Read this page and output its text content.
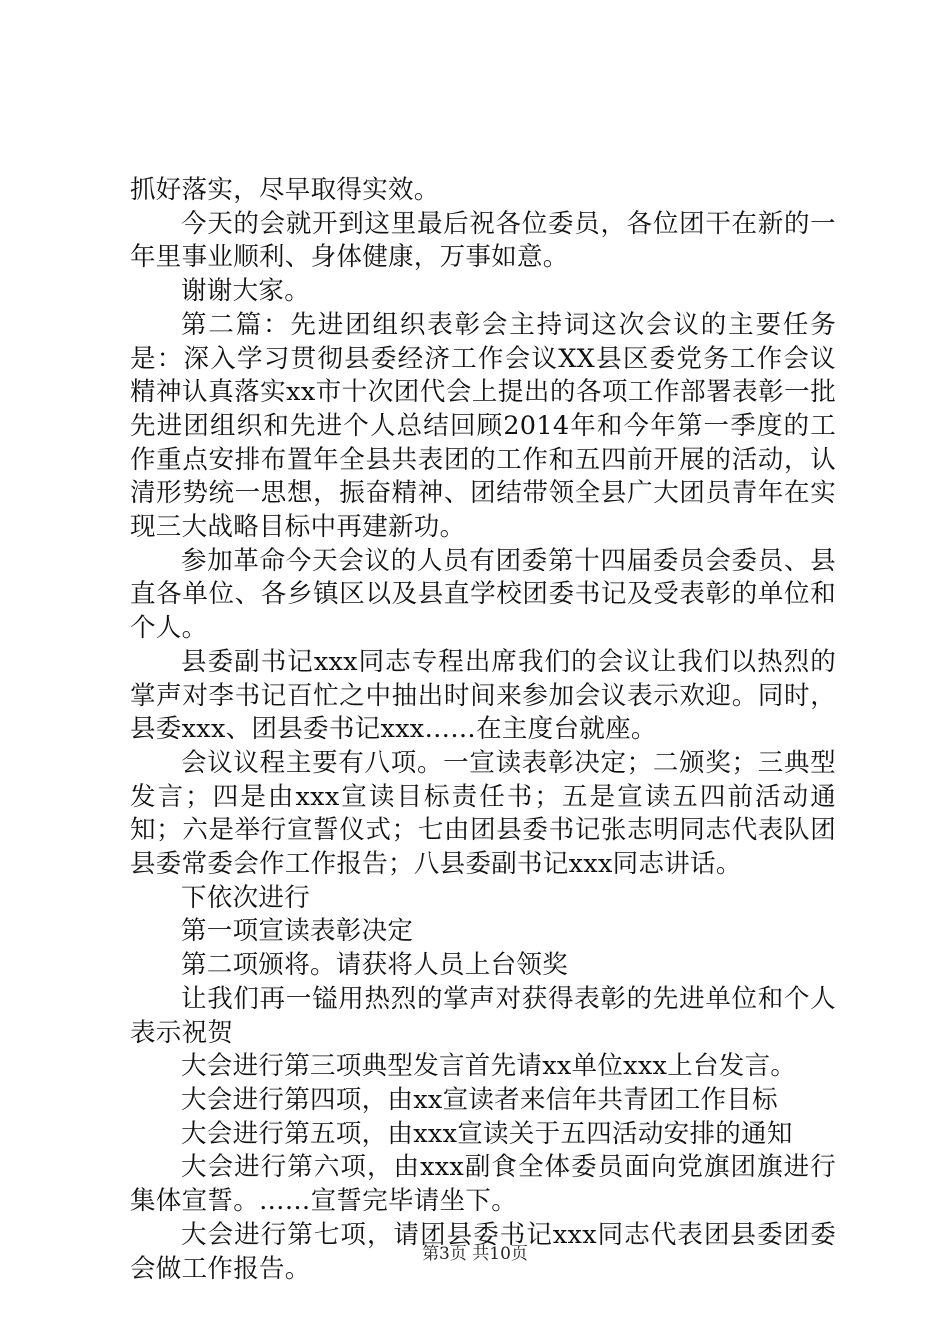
抓好落实，尽早取得实效。

今天的会就开到这里最后祝各位委员，各位团干在新的一年里事业顺利、身体健康，万事如意。

谢谢大家。

第二篇：先进团组织表彰会主持词这次会议的主要任务是：深入学习贯彻县委经济工作会议XX县区委党务工作会议精神认真落实xx市十次团代会上提出的各项工作部署表彰一批先进团组织和先进个人总结回顾2014年和今年第一季度的工作重点安排布置年全县共表团的工作和五四前开展的活动，认清形势统一思想，振奋精神、团结带领全县广大团员青年在实现三大战略目标中再建新功。

参加革命今天会议的人员有团委第十四届委员会委员、县直各单位、各乡镇区以及县直学校团委书记及受表彰的单位和个人。

县委副书记xxx同志专程出席我们的会议让我们以热烈的掌声对李书记百忙之中抽出时间来参加会议表示欢迎。同时，县委xxx、团县委书记xxx……在主度台就座。

会议议程主要有八项。一宣读表彰决定；二颁奖；三典型发言；四是由xxx宣读目标责任书；五是宣读五四前活动通知；六是举行宣誓仪式；七由团县委书记张志明同志代表队团县委常委会作工作报告；八县委副书记xxx同志讲话。

下依次进行

第一项宣读表彰决定

第二项颁将。请获将人员上台领奖

让我们再一镒用热烈的掌声对获得表彰的先进单位和个人表示祝贺

大会进行第三项典型发言首先请xx单位xxx上台发言。

大会进行第四项，由xx宣读者来信年共青团工作目标

大会进行第五项，由xxx宣读关于五四活动安排的通知

大会进行第六项，由xxx副食全体委员面向党旗团旗进行集体宣誓。……宣誓完毕请坐下。

大会进行第七项，请团县委书记xxx同志代表团县委团委会做工作报告。	第3页 共10页
